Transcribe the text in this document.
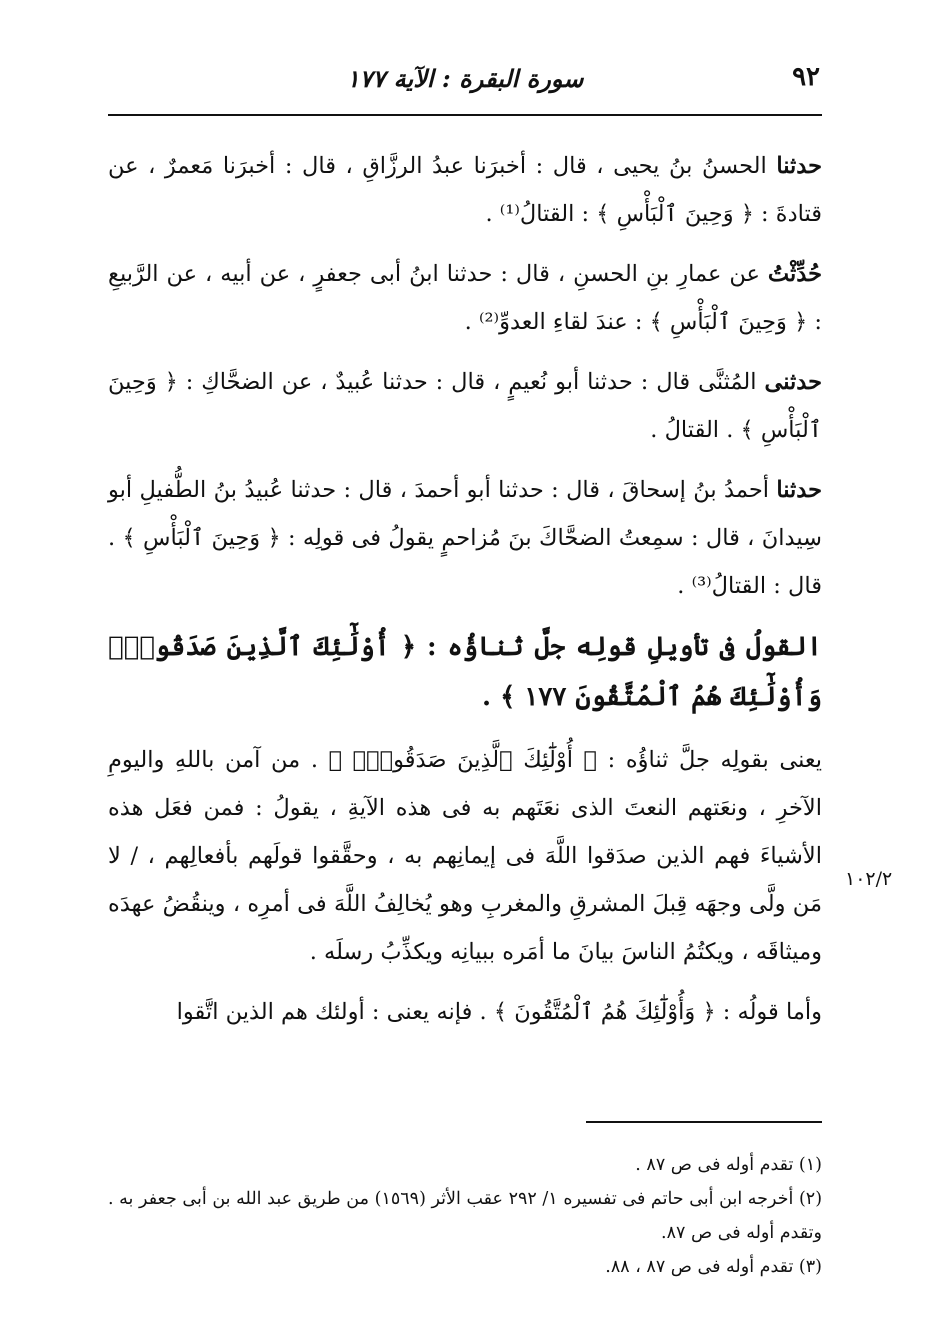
٩٢
سورة البقرة : الآية ١٧٧

حدثنا الحسنُ بنُ يحيى ، قال : أخبرَنا عبدُ الرزَّاقِ ، قال : أخبرَنا مَعمرٌ ، عن قتادةَ : ﴿ وَحِينَ ٱلْبَأْسِ ﴾ : القتالُ⁽¹⁾ .

حُدِّثْتُ عن عمارِ بنِ الحسنِ ، قال : حدثنا ابنُ أبى جعفرٍ ، عن أبيه ، عن الرَّبيعِ : ﴿ وَحِينَ ٱلْبَأْسِ ﴾ : عندَ لقاءِ العدوِّ⁽²⁾ .

حدثنى المُثنَّى قال : حدثنا أبو نُعيمٍ ، قال : حدثنا عُبيدٌ ، عن الضحَّاكِ : ﴿ وَحِينَ ٱلْبَأْسِ ﴾ . القتالُ .

حدثنا أحمدُ بنُ إسحاقَ ، قال : حدثنا أبو أحمدَ ، قال : حدثنا عُبيدُ بنُ الطُّفيلِ أبو سِيدانَ ، قال : سمِعتُ الضحَّاكَ بنَ مُزاحمٍ يقولُ فى قولِه : ﴿ وَحِينَ ٱلْبَأْسِ ﴾ . قال : القتالُ⁽³⁾ .

القولُ فى تأويلِ قولِه جلَّ ثناؤُه : ﴿ أُوْلَٰٓئِكَ ٱلَّذِينَ صَدَقُواْۖ وَأُوْلَٰٓئِكَ هُمُ ٱلْمُتَّقُونَ ١٧٧ ﴾ .

يعنى بقولِه جلَّ ثناؤُه : ﴿ أُوْلَٰٓئِكَ ٱلَّذِينَ صَدَقُواْۖ ﴾ . من آمن باللهِ واليومِ الآخرِ ، ونعَتهم النعتَ الذى نعَتَهم به فى هذه الآيةِ ، يقولُ : فمن فعَل هذه الأشياءَ فهم الذين صدَقوا اللَّهَ فى إيمانِهم به ، وحقَّقوا قولَهم بأفعالِهم ، / لا مَن ولَّى وجهَه قِبلَ المشرقِ والمغربِ وهو يُخالِفُ اللَّهَ فى أمرِه ، وينقُضُ عهدَه وميثاقَه ، ويكتُمُ الناسَ بيانَ ما أمَره ببيانِه ويكذِّبُ رسلَه .

وأما قولُه : ﴿ وَأُوْلَٰٓئِكَ هُمُ ٱلْمُتَّقُونَ ﴾ . فإنه يعنى : أولئك هم الذين اتَّقوا

١٠٢/٢

(١) تقدم أوله فى ص ٨٧ .

(٢) أخرجه ابن أبى حاتم فى تفسيره ١/ ٢٩٢ عقب الأثر (١٥٦٩) من طريق عبد الله بن أبى جعفر به . وتقدم أوله فى ص ٨٧.

(٣) تقدم أوله فى ص ٨٧ ، ٨٨.
